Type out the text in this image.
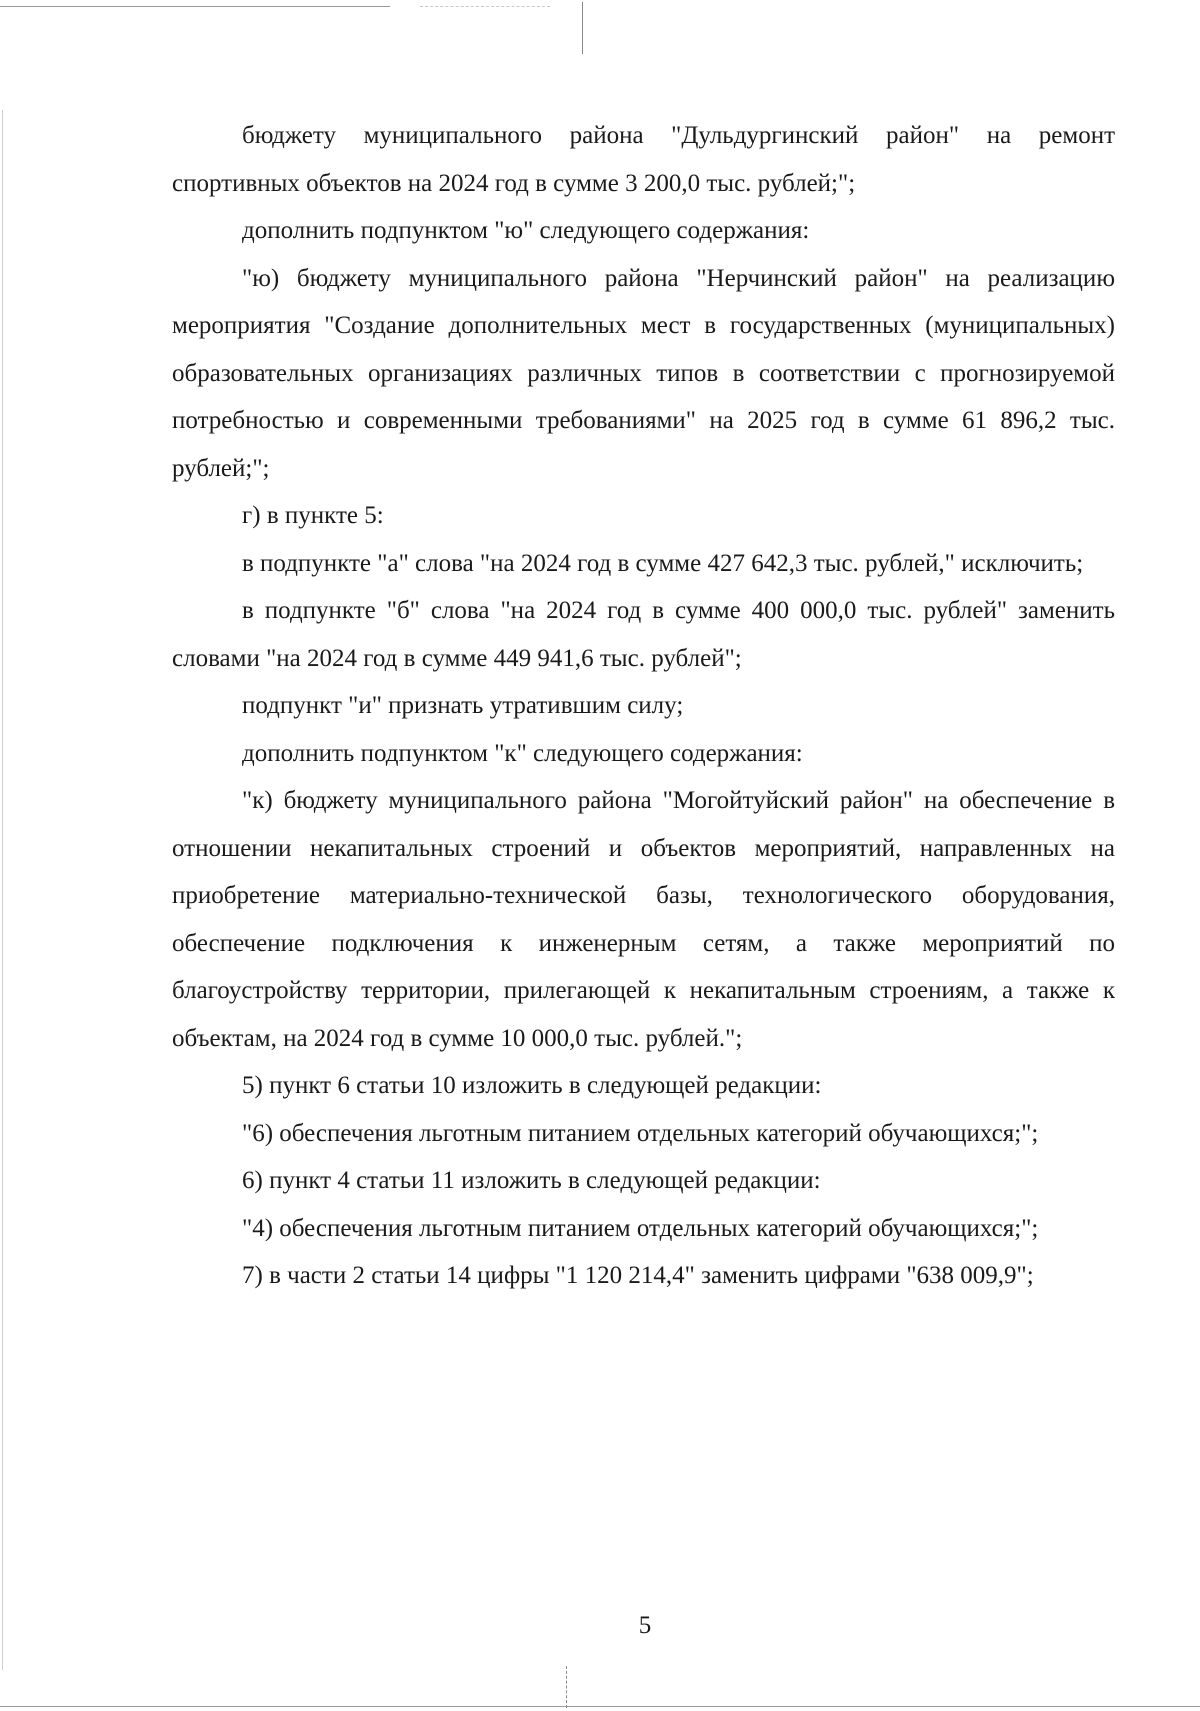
бюджету муниципального района "Дульдургинский район" на ремонт спортивных объектов на 2024 год в сумме 3 200,0 тыс. рублей;";

дополнить подпунктом "ю" следующего содержания:

"ю) бюджету муниципального района "Нерчинский район" на реализацию мероприятия "Создание дополнительных мест в государственных (муниципальных) образовательных организациях различных типов в соответствии с прогнозируемой потребностью и современными требованиями" на 2025 год в сумме 61 896,2 тыс. рублей;";

г) в пункте 5:

в подпункте "а" слова "на 2024 год в сумме 427 642,3 тыс. рублей," исключить;

в подпункте "б" слова "на 2024 год в сумме 400 000,0 тыс. рублей" заменить словами "на 2024 год в сумме 449 941,6 тыс. рублей";

подпункт "и" признать утратившим силу;

дополнить подпунктом "к" следующего содержания:

"к) бюджету муниципального района "Могойтуйский район" на обеспечение в отношении некапитальных строений и объектов мероприятий, направленных на приобретение материально-технической базы, технологического оборудования, обеспечение подключения к инженерным сетям, а также мероприятий по благоустройству территории, прилегающей к некапитальным строениям, а также к объектам, на 2024 год в сумме 10 000,0 тыс. рублей.";

5) пункт 6 статьи 10 изложить в следующей редакции:

"6) обеспечения льготным питанием отдельных категорий обучающихся;";

6) пункт 4 статьи 11 изложить в следующей редакции:

"4) обеспечения льготным питанием отдельных категорий обучающихся;";

7) в части 2 статьи 14 цифры "1 120 214,4" заменить цифрами "638 009,9";

5
